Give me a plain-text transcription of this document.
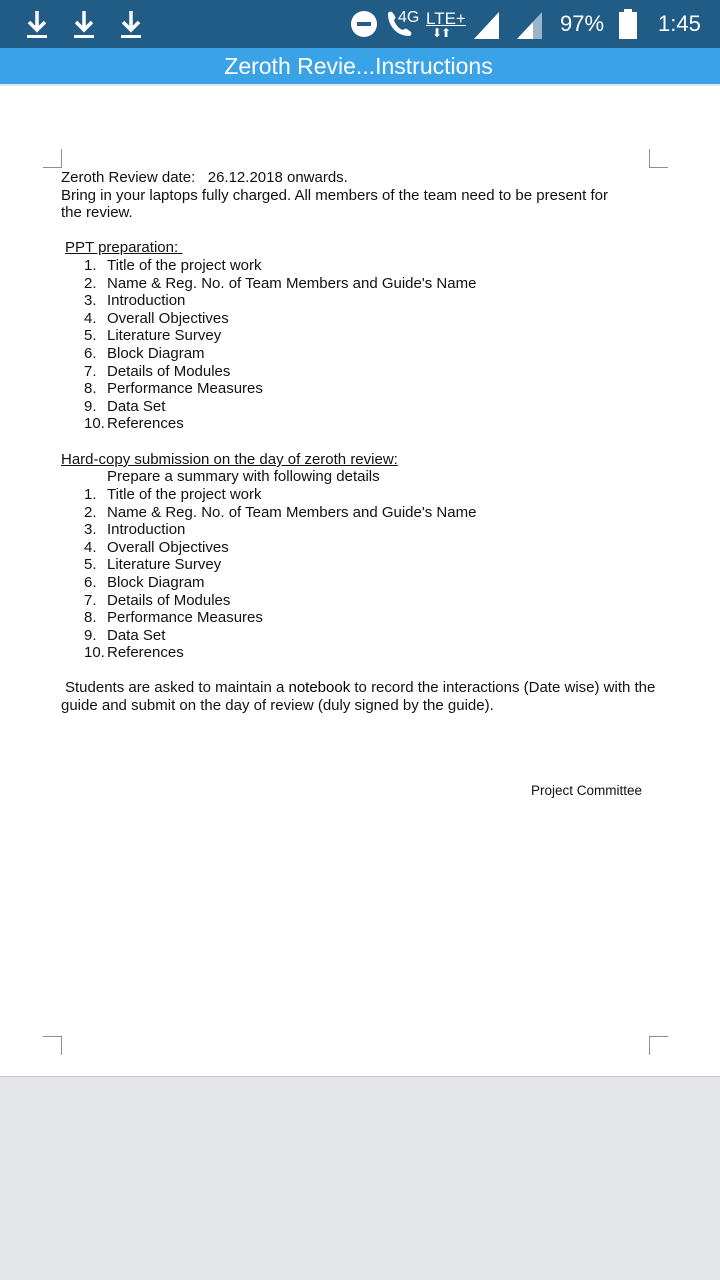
4G LTE+
⬇⬆	97% 1:45
Zeroth Revie...Instructions
Zeroth Review date:   26.12.2018 onwards.
Bring in your laptops fully charged. All members of the team need to be present for the review.
PPT preparation:
1. Title of the project work
2. Name & Reg. No. of Team Members and Guide's Name
3. Introduction
4. Overall Objectives
5. Literature Survey
6. Block Diagram
7. Details of Modules
8. Performance Measures
9. Data Set
10. References
Hard-copy submission on the day of zeroth review:
Prepare a summary with following details
1. Title of the project work
2. Name & Reg. No. of Team Members and Guide's Name
3. Introduction
4. Overall Objectives
5. Literature Survey
6. Block Diagram
7. Details of Modules
8. Performance Measures
9. Data Set
10. References
Students are asked to maintain a notebook to record the interactions (Date wise) with the guide and submit on the day of review (duly signed by the guide).
Project Committee
